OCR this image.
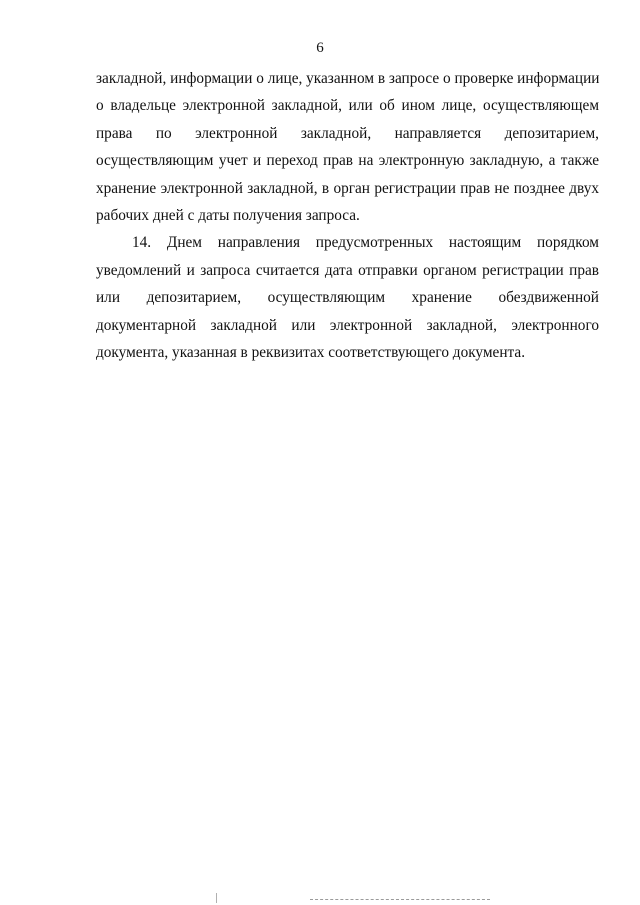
6

закладной, информации о лице, указанном в запросе о проверке информации
о владельце электронной закладной, или об ином лице, осуществляющем
права по электронной закладной, направляется депозитарием,
осуществляющим учет и переход прав на электронную закладную, а также
хранение электронной закладной, в орган регистрации прав не позднее двух
рабочих дней с даты получения запроса.

14. Днем направления предусмотренных настоящим порядком
уведомлений и запроса считается дата отправки органом регистрации прав
или депозитарием, осуществляющим хранение обездвиженной
документарной закладной или электронной закладной, электронного
документа, указанная в реквизитах соответствующего документа.
